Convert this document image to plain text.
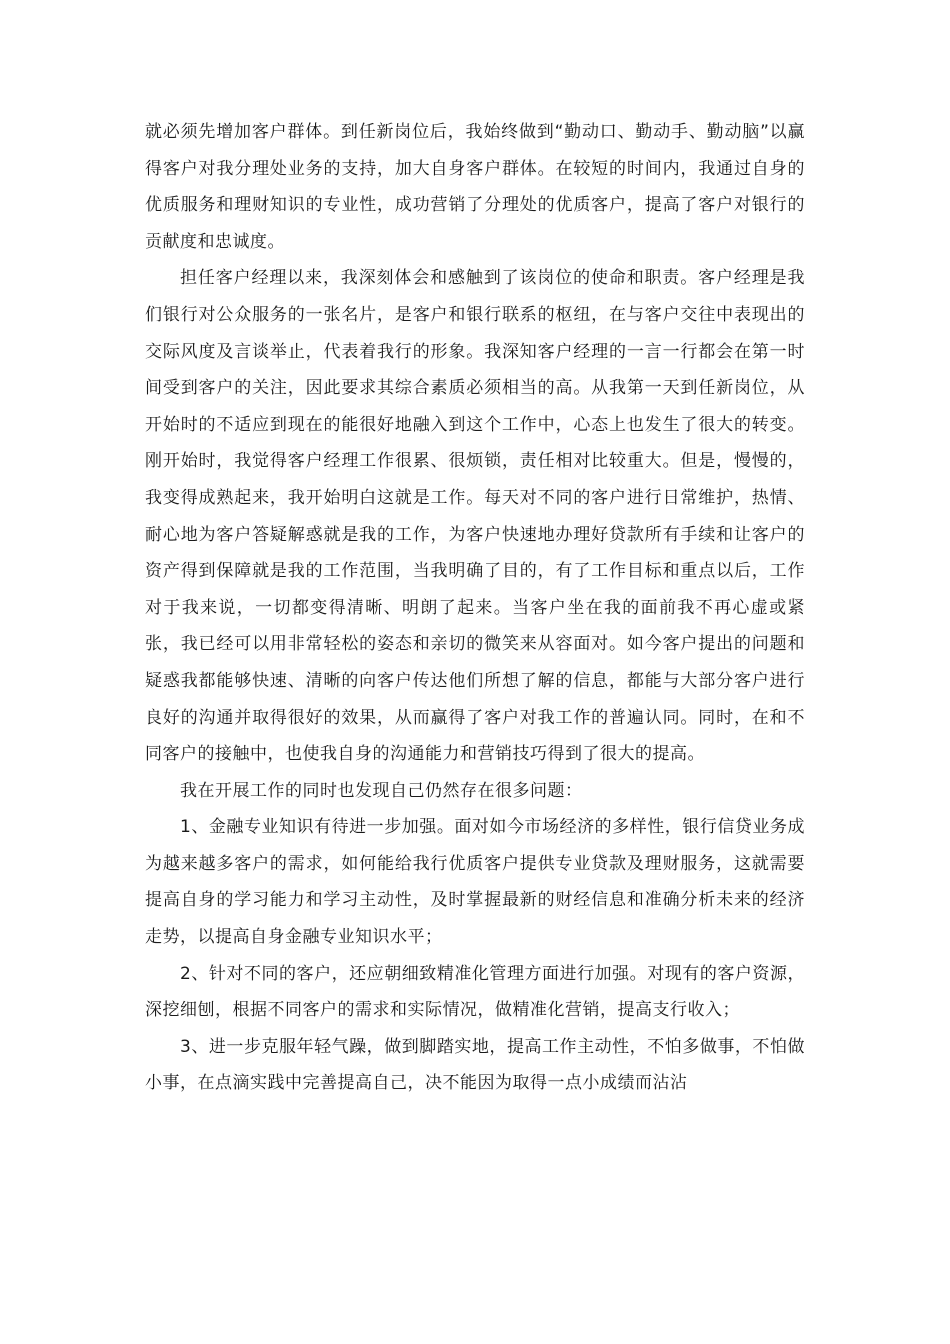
就必须先增加客户群体。到任新岗位后，我始终做到“勤动口、勤动手、勤动脑”以赢得客户对我分理处业务的支持，加大自身客户群体。在较短的时间内，我通过自身的优质服务和理财知识的专业性，成功营销了分理处的优质客户，提高了客户对银行的贡献度和忠诚度。

担任客户经理以来，我深刻体会和感触到了该岗位的使命和职责。客户经理是我们银行对公众服务的一张名片，是客户和银行联系的枢纽，在与客户交往中表现出的交际风度及言谈举止，代表着我行的形象。我深知客户经理的一言一行都会在第一时间受到客户的关注，因此要求其综合素质必须相当的高。从我第一天到任新岗位，从开始时的不适应到现在的能很好地融入到这个工作中，心态上也发生了很大的转变。刚开始时，我觉得客户经理工作很累、很烦锁，责任相对比较重大。但是，慢慢的，我变得成熟起来，我开始明白这就是工作。每天对不同的客户进行日常维护，热情、耐心地为客户答疑解惑就是我的工作，为客户快速地办理好贷款所有手续和让客户的资产得到保障就是我的工作范围，当我明确了目的，有了工作目标和重点以后，工作对于我来说，一切都变得清晰、明朗了起来。当客户坐在我的面前我不再心虚或紧张，我已经可以用非常轻松的姿态和亲切的微笑来从容面对。如今客户提出的问题和疑惑我都能够快速、清晰的向客户传达他们所想了解的信息，都能与大部分客户进行良好的沟通并取得很好的效果，从而赢得了客户对我工作的普遍认同。同时，在和不同客户的接触中，也使我自身的沟通能力和营销技巧得到了很大的提高。

我在开展工作的同时也发现自己仍然存在很多问题：

1、金融专业知识有待进一步加强。面对如今市场经济的多样性，银行信贷业务成为越来越多客户的需求，如何能给我行优质客户提供专业贷款及理财服务，这就需要提高自身的学习能力和学习主动性，及时掌握最新的财经信息和准确分析未来的经济走势，以提高自身金融专业知识水平；

2、针对不同的客户，还应朝细致精准化管理方面进行加强。对现有的客户资源，深挖细刨，根据不同客户的需求和实际情况，做精准化营销，提高支行收入；

3、进一步克服年轻气躁，做到脚踏实地，提高工作主动性，不怕多做事，不怕做小事，在点滴实践中完善提高自己，决不能因为取得一点小成绩而沾沾
